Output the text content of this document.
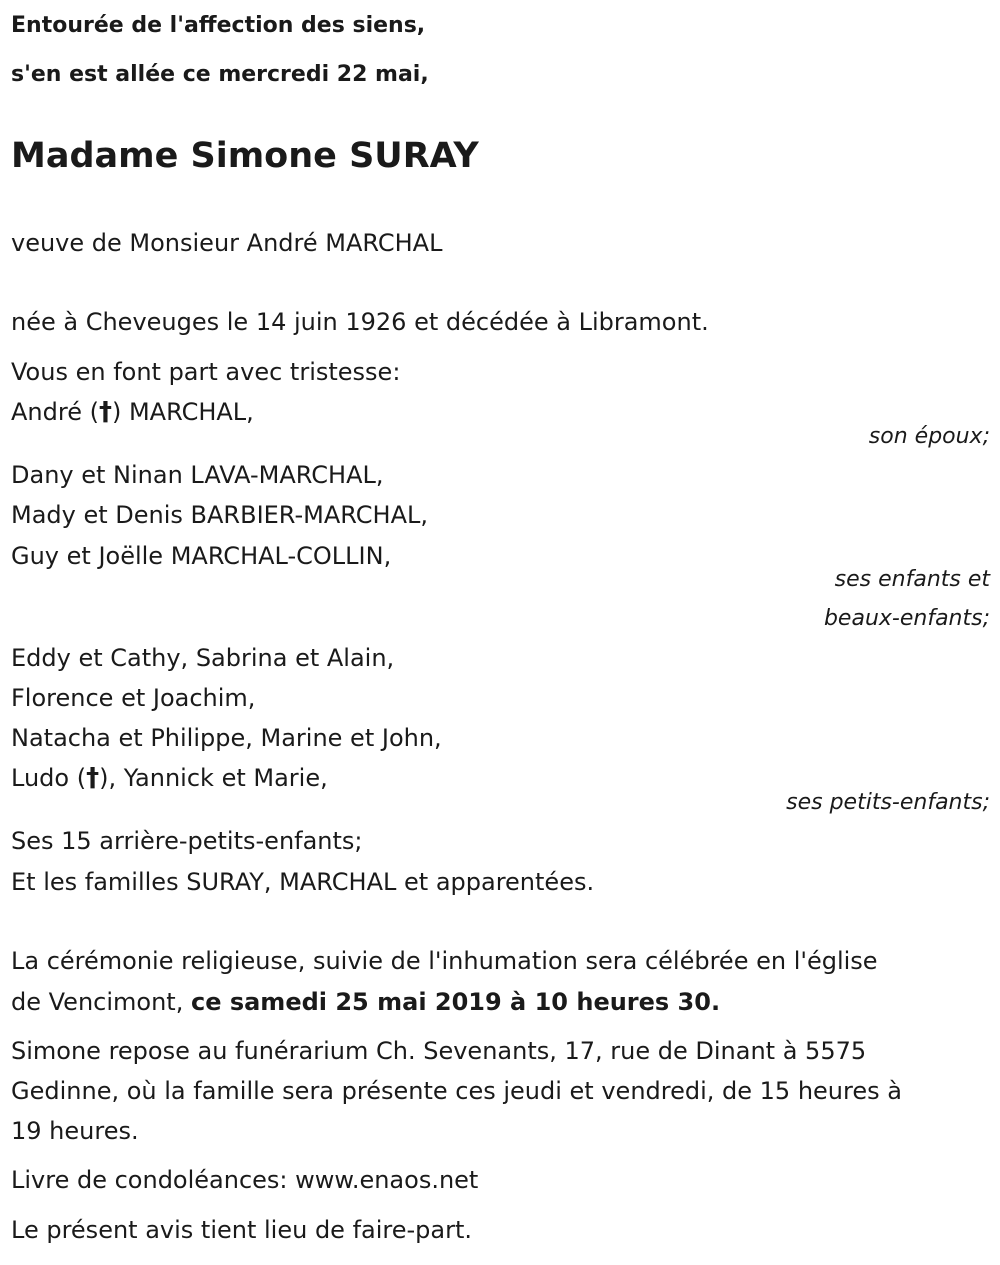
Entourée de l'affection des siens,
s'en est allée ce mercredi 22 mai,
Madame Simone SURAY
veuve de Monsieur André MARCHAL
née à Cheveuges le 14 juin 1926 et décédée à Libramont.
Vous en font part avec tristesse:
André (†) MARCHAL,
son époux;
Dany et Ninan LAVA-MARCHAL,
Mady et Denis BARBIER-MARCHAL,
Guy et Joëlle MARCHAL-COLLIN,
ses enfants et
beaux-enfants;
Eddy et Cathy, Sabrina et Alain,
Florence et Joachim,
Natacha et Philippe, Marine et John,
Ludo (†), Yannick et Marie,
ses petits-enfants;
Ses 15 arrière-petits-enfants;
Et les familles SURAY, MARCHAL et apparentées.
La cérémonie religieuse, suivie de l'inhumation sera célébrée en l'église
de Vencimont, ce samedi 25 mai 2019 à 10 heures 30.
Simone repose au funérarium Ch. Sevenants, 17, rue de Dinant à 5575
Gedinne, où la famille sera présente ces jeudi et vendredi, de 15 heures à
19 heures.
Livre de condoléances: www.enaos.net
Le présent avis tient lieu de faire-part.
